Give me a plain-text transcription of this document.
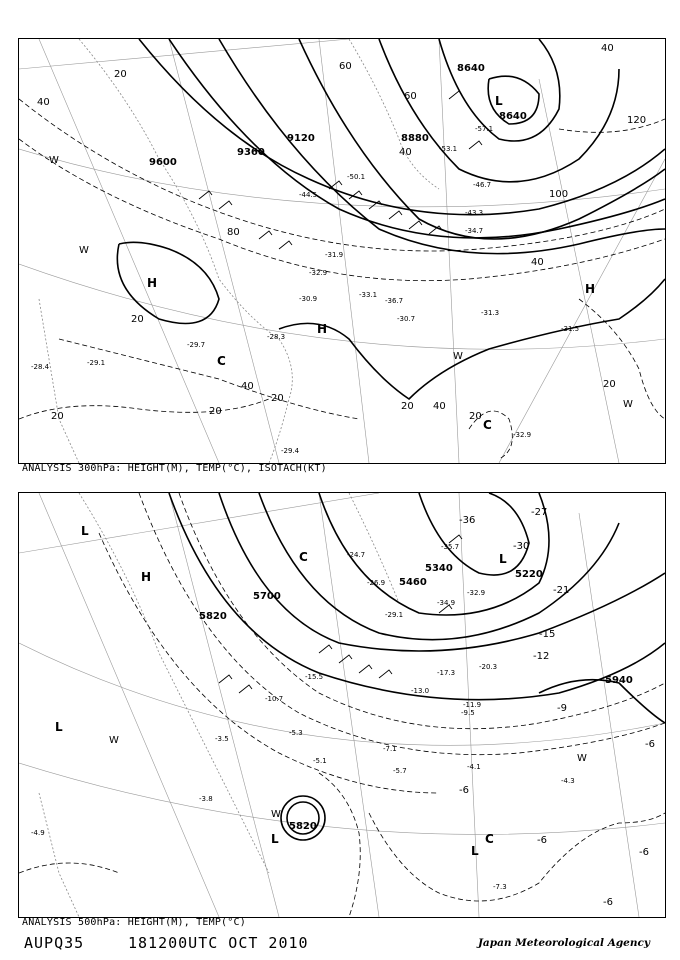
8640
8640
8880
9120
9360
9600
20
40
60
80
100
120
20
40
20
40
20
20
20
20
40
40
60
40
20
H
H
H
L
C
C
W
W
W
W
-29.7
-28.3
-31.3
-31.5
-32.9
-30.7
-44.5
-43.3
-46.7
-53.1
-57.1
-50.1
-34.7
-36.7
-33.1
-32.9
-31.9
-30.9
-29.4
-28.4	-29.1
ANALYSIS 300hPa: HEIGHT(M), TEMP(°C), ISOTACH(KT)
5220
5340
5460
5700
5820
5820
5940
-36
-30
-27
-21
-15
-12
-9
-6
-6
-6
-6
-6
L
L
L
L
L
H
C
C
W
W
W
-7.3
-4.3
-4.1
-5.7
-3.8
-3.5
-4.9
-5.1
-9.5
-10.7
-13.0
-15.5	-17.3
-20.3
-24.7
-26.9
-29.1
-32.9
-34.9
-35.7
-11.9
-7.1
-5.3
ANALYSIS 500hPa: HEIGHT(M), TEMP(°C)
AUPQ35	181200UTC OCT 2010	Japan Meteorological Agency
